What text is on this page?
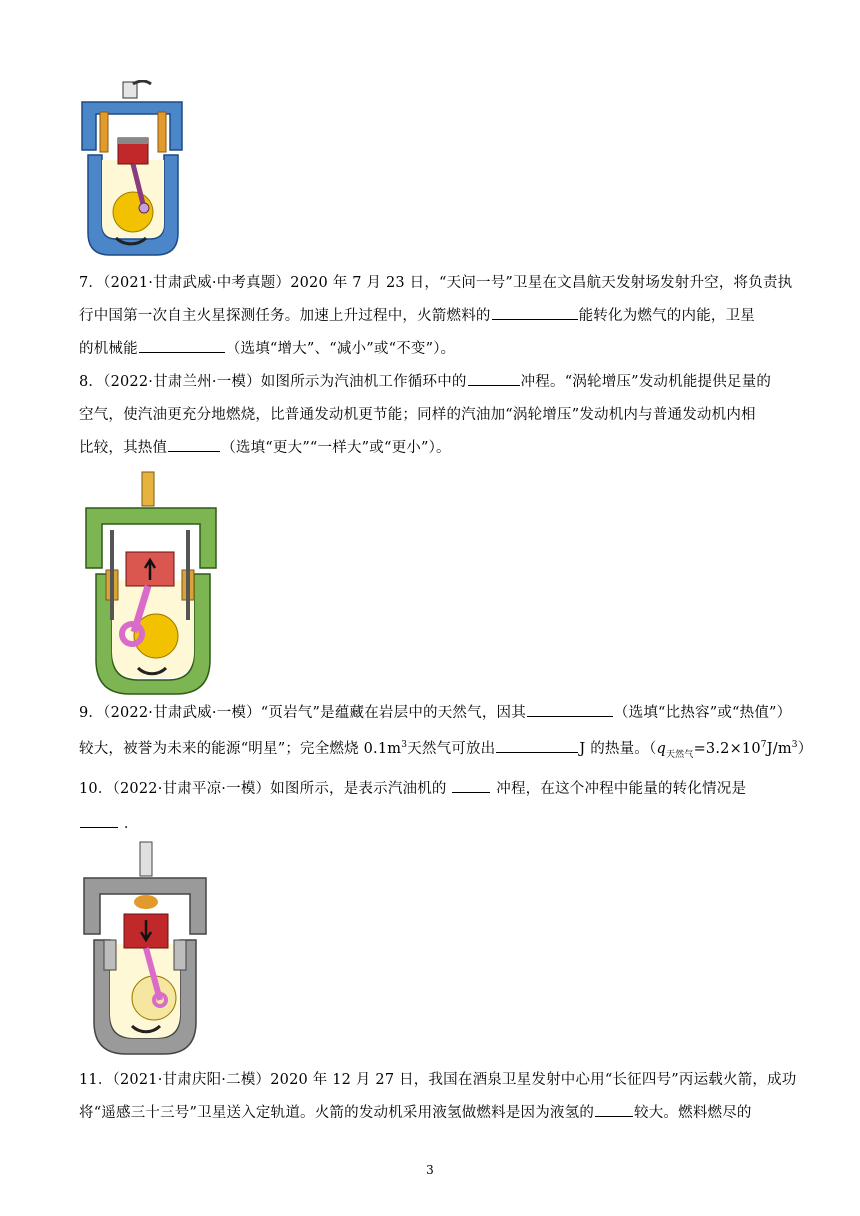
7．（2021·甘肃武威·中考真题）2020 年 7 月 23 日，“天问一号”卫星在文昌航天发射场发射升空，将负责执
行中国第一次自主火星探测任务。加速上升过程中，火箭燃料的	能转化为燃气的内能，卫星
的机械能	（选填“增大”、“减小”或“不变”）。
8．（2022·甘肃兰州·一模）如图所示为汽油机工作循环中的	冲程。“涡轮增压”发动机能提供足量的
空气，使汽油更充分地燃烧，比普通发动机更节能；同样的汽油加“涡轮增压”发动机内与普通发动机内相
比较，其热值	（选填“更大”“一样大”或“更小”）。
9．（2022·甘肃武威·一模）“页岩气”是蕴藏在岩层中的天然气，因其	（选填“比热容”或“热值”）
较大，被誉为未来的能源“明星”；完全燃烧 $0.1m^3$天然气可放出	J 的热量。$(q_{天然气}=3.2\times 10^7J/m^3)$
10．（2022·甘肃平凉·一模）如图所示，是表示汽油机的	冲程，在这个冲程中能量的转化情况是
．
11．（2021·甘肃庆阳·二模）2020 年 12 月 27 日，我国在酒泉卫星发射中心用“长征四号”丙运载火箭，成功
将“遥感三十三号”卫星送入定轨道。火箭的发动机采用液氢做燃料是因为液氢的	较大。燃料燃尽的
3
